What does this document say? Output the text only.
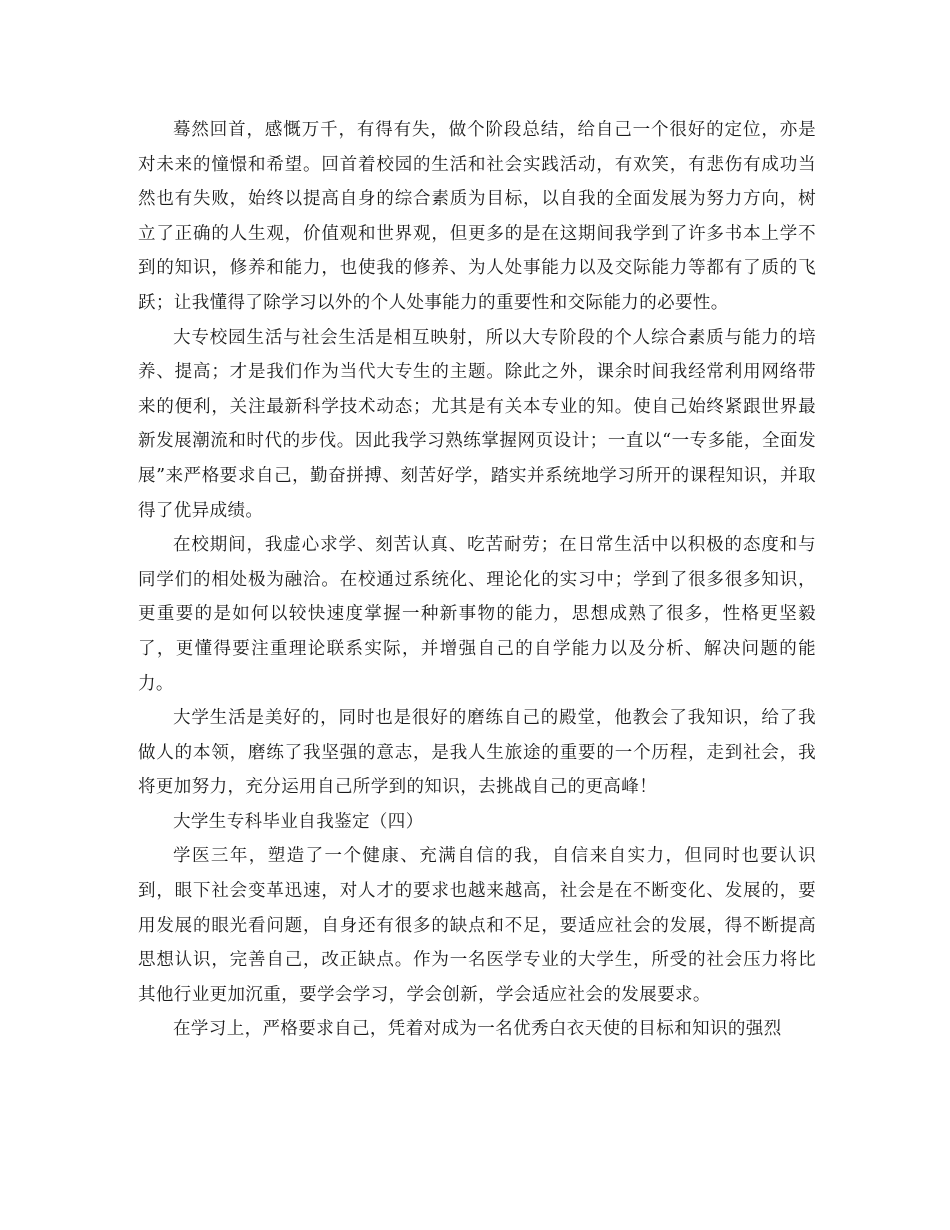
蓦然回首，感慨万千，有得有失，做个阶段总结，给自己一个很好的定位，亦是对未来的憧憬和希望。回首着校园的生活和社会实践活动，有欢笑，有悲伤有成功当然也有失败，始终以提高自身的综合素质为目标，以自我的全面发展为努力方向，树立了正确的人生观，价值观和世界观，但更多的是在这期间我学到了许多书本上学不到的知识，修养和能力，也使我的修养、为人处事能力以及交际能力等都有了质的飞跃；让我懂得了除学习以外的个人处事能力的重要性和交际能力的必要性。

大专校园生活与社会生活是相互映射，所以大专阶段的个人综合素质与能力的培养、提高；才是我们作为当代大专生的主题。除此之外，课余时间我经常利用网络带来的便利，关注最新科学技术动态；尤其是有关本专业的知。使自己始终紧跟世界最新发展潮流和时代的步伐。因此我学习熟练掌握网页设计；一直以“一专多能，全面发展”来严格要求自己，勤奋拼搏、刻苦好学，踏实并系统地学习所开的课程知识，并取得了优异成绩。

在校期间，我虚心求学、刻苦认真、吃苦耐劳；在日常生活中以积极的态度和与同学们的相处极为融洽。在校通过系统化、理论化的实习中；学到了很多很多知识，更重要的是如何以较快速度掌握一种新事物的能力，思想成熟了很多，性格更坚毅了，更懂得要注重理论联系实际，并增强自己的自学能力以及分析、解决问题的能力。

大学生活是美好的，同时也是很好的磨练自己的殿堂，他教会了我知识，给了我做人的本领，磨练了我坚强的意志，是我人生旅途的重要的一个历程，走到社会，我将更加努力，充分运用自己所学到的知识，去挑战自己的更高峰！

大学生专科毕业自我鉴定（四）

学医三年，塑造了一个健康、充满自信的我，自信来自实力，但同时也要认识到，眼下社会变革迅速，对人才的要求也越来越高，社会是在不断变化、发展的，要用发展的眼光看问题，自身还有很多的缺点和不足，要适应社会的发展，得不断提高思想认识，完善自己，改正缺点。作为一名医学专业的大学生，所受的社会压力将比其他行业更加沉重，要学会学习，学会创新，学会适应社会的发展要求。

在学习上，严格要求自己，凭着对成为一名优秀白衣天使的目标和知识的强烈
